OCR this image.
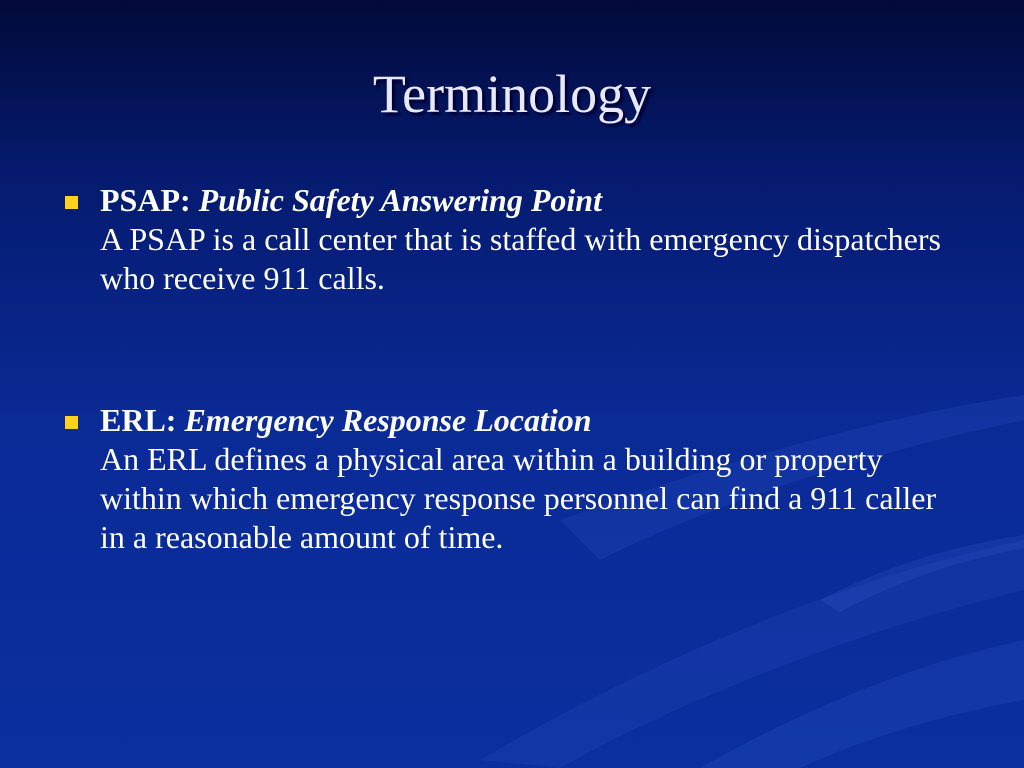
Terminology
PSAP: Public Safety Answering Point
A PSAP is a call center that is staffed with emergency dispatchers who receive 911 calls.
ERL: Emergency Response Location
An ERL defines a physical area within a building or property within which emergency response personnel can find a 911 caller in a reasonable amount of time.
